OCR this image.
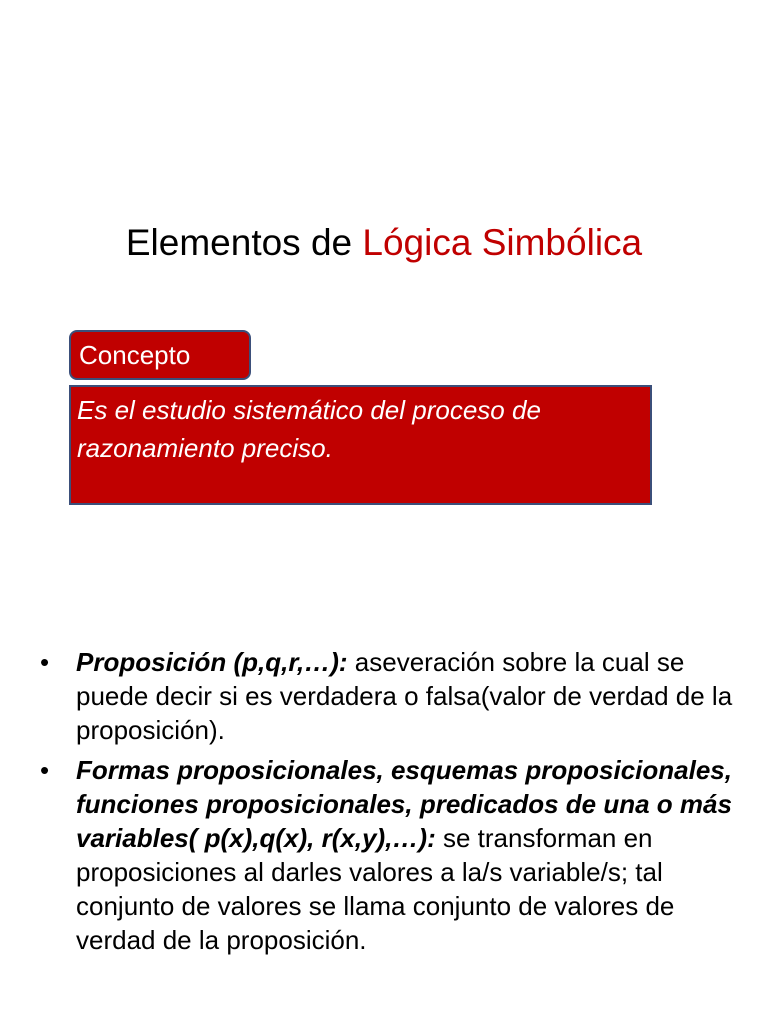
Elementos de Lógica Simbólica
Concepto
Es el estudio sistemático del proceso de razonamiento preciso.
• Proposición (p,q,r,…): aseveración sobre la cual se puede decir si es verdadera o falsa(valor de verdad de la proposición).
• Formas proposicionales, esquemas proposicionales, funciones proposicionales, predicados de una o más variables( p(x),q(x), r(x,y),…): se transforman en proposiciones al darles valores a la/s variable/s; tal conjunto de valores se llama conjunto de valores de verdad de la proposición.
